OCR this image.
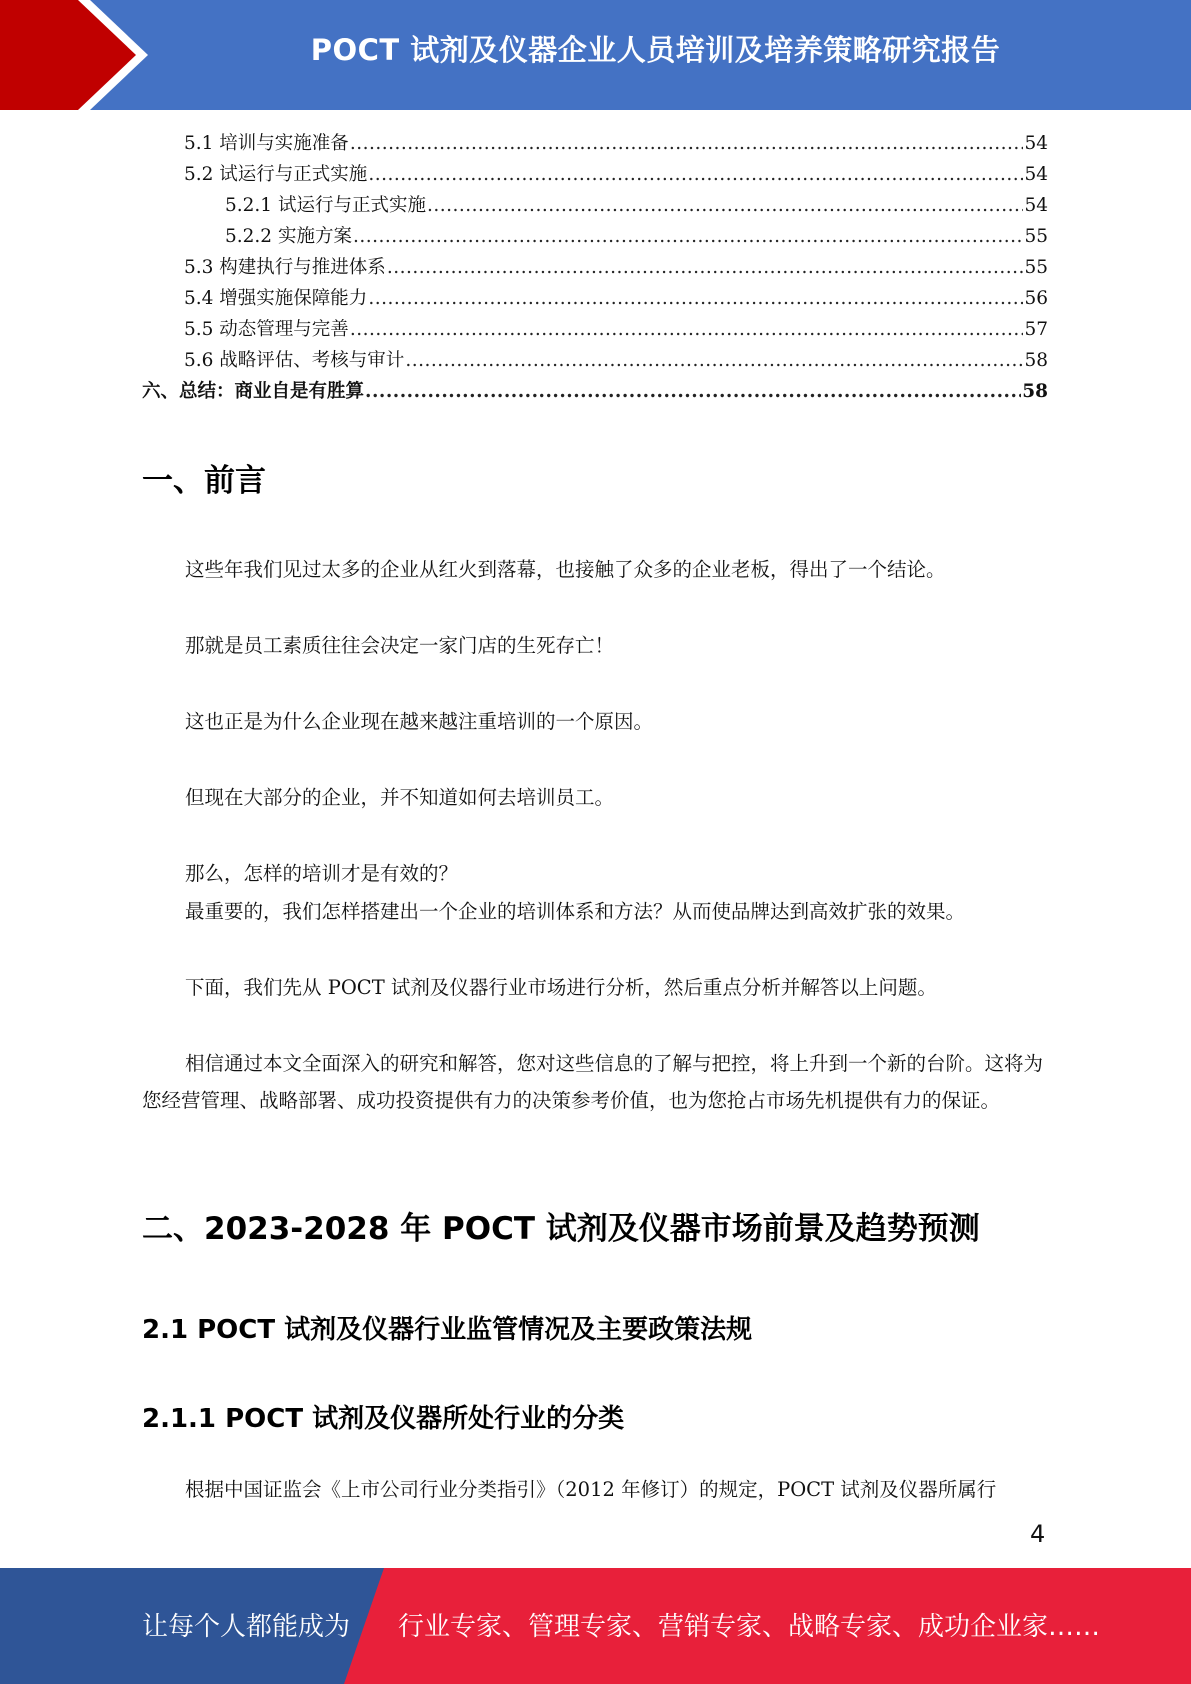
POCT 试剂及仪器企业人员培训及培养策略研究报告
5.1 培训与实施准备 .....	54
5.2 试运行与正式实施 .....	54
5.2.1 试运行与正式实施 .....	54
5.2.2 实施方案 .....	55
5.3 构建执行与推进体系 .....	55
5.4 增强实施保障能力 .....	56
5.5 动态管理与完善 .....	57
5.6 战略评估、考核与审计 .....	58
六、总结：商业自是有胜算 .....	58
一、前言
这些年我们见过太多的企业从红火到落幕，也接触了众多的企业老板，得出了一个结论。
那就是员工素质往往会决定一家门店的生死存亡！
这也正是为什么企业现在越来越注重培训的一个原因。
但现在大部分的企业，并不知道如何去培训员工。
那么，怎样的培训才是有效的？
最重要的，我们怎样搭建出一个企业的培训体系和方法？从而使品牌达到高效扩张的效果。
下面，我们先从 POCT 试剂及仪器行业市场进行分析，然后重点分析并解答以上问题。
相信通过本文全面深入的研究和解答，您对这些信息的了解与把控，将上升到一个新的台阶。这将为您经营管理、战略部署、成功投资提供有力的决策参考价值，也为您抢占市场先机提供有力的保证。
二、2023-2028 年 POCT 试剂及仪器市场前景及趋势预测
2.1 POCT 试剂及仪器行业监管情况及主要政策法规
2.1.1 POCT 试剂及仪器所处行业的分类
根据中国证监会《上市公司行业分类指引》（2012 年修订）的规定，POCT 试剂及仪器所属行
4
让每个人都能成为 行业专家、管理专家、营销专家、战略专家、成功企业家……
